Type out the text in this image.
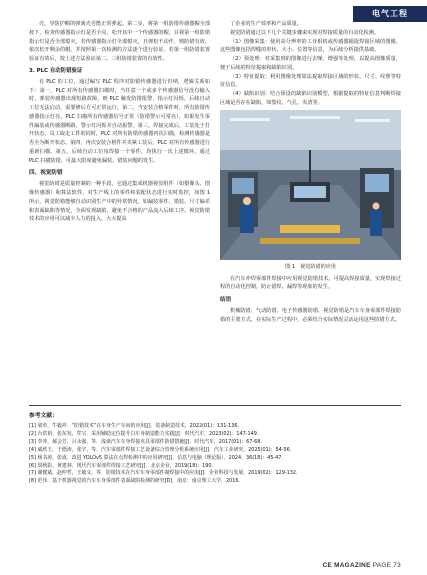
电气工程

壳，导防护帽的弹簧壳否能正常弹起。第二步，将第一组防错传感器帽全部按下，检查传感器指示灯是否全亮，松开其中一个传感器的帽，目视第一组防错指示灯是否全部熄灭，若传感器指示灯全部熄灭，且弹松不动作，则防错有效。依次松开剩余的帽，并按照第一次检测的方法逐个进行验证。若第一组防错装置验证有效后，按上述方法验证第二、三组防错装置的有效性。

3. PLC 自动防错验证

有 PLC 的工位，通过编写 PLC 程序对防错传感器进行归纳，逻辑关系如下：第一，PLC 对所有传感器扫描时，当任意一个或多个传感器信号没有输入时，弹装传感器出现短路故障，则 PLC 触发防错报警，指示灯闪烁，后续自动工位无法启动，需要修后方可正常运行。第二，当安装合格零件时，所有防错传感器指示灯亮，PLC 扫描所有传感器信号正常（防错警示可常亮），如果发生零件漏装或传感器断路，警示灯闪烁并自动报警。第三，焊接完成后，工装处于打开状态，员工取走工件的同时，PLC 对所有防错传感器再次扫描，检测传感器是否全为断开状态。第四，再次安装合格件并夹紧工装后，PLC 对所有传感器进行重新扫描。第五，后续自动工位每焊接一个零件，均执行一次上述循环。通过 PLC 扫描防错，可最大限度避免漏装、错装问题的发生。

四、视觉防错

视觉防错是质量控制的一种手段，它通过集成机器视觉组件（如摄像头、图像传感器）和算法软件，对生产线上的零件和装配状态进行实时监控，如图 1 所示。视觉防错能够自动识别生产中的异常情况，如漏装零件、错装、尺寸偏差和表面缺陷等情况，全面发现缺陷，避免不合格的产品流入后续工序。视觉防错技术的应用可以减少人力的投入，大大提高

了企业的生产效率和产品质量。

视觉防错通过以下几个关键步骤来实现对焊接质量的自动化检测。

（1）图像采集：使用高分辨率的工业相机或传感器捕捉焊接区域的图像，这些图像包括焊缝的形状、大小、位置等信息，为后续分析提供基础。

（2）预处理：对采集到的图像进行去噪、增强等处理，以提高图像质量，便于后续的特征提取和缺陷识别。

（3）特征提取：利用图像处理算法提取焊接区域的形状、尺寸、纹理等特征信息。

（4）缺陷识别：结合预设的缺陷识别模型，根据提取的特征信息判断焊接区域是否存在缺陷，如裂纹、气孔、夹渣等。

图 1　视觉防错的应用

在汽车冲焊零部件焊接中应用视觉防错技术，可提高焊接质量，实现焊接过程的自动化控制，防止错焊、漏焊等现象的发生。

结语

机械防错、气动防错、电子传感器防错、视觉防错是汽车车身零部件焊接防错的主要方式，在实际生产过程中，必须结合实际情况灵活运用这些防错方式。

参考文献：

[1] 梁草，牛毅祥．“防错技术”在车身生产车间的应用[J]．装备制造技术，2022(01)：131-136．

[2] 台洪裕，张东发，牟宝．采用辅助定位提升白车身制造能力实践[J]．时代汽车，2023(02)：147-149．

[3] 李冲，郝会芳，吕永强，等．浅谈汽车车身焊接夹具零部件防错措施[J]．时代汽车，2017(01)：67-68．

[4] 威欣玉，于德涛，张宇，等．汽车零部件焊接工艺设备综合管理分析系统应用[J]．汽车工业研究，2025(01)：54-56．

[5] 杨书涛，张成．改进 YOLOv5 算法在点焊检测中的应用研究[J]．信息与电脑（理论版），2024，36(18)：45-47．

[6] 周秋影，黄建林．现代汽车零部件焊接工艺研究[J]．北京企业，2019(18)：190．

[7] 谢健斌，赵仲哲，王敏义，等．防错技术在汽车车身零部件制焊接中的应用[J]．企业科技与发展，2019(02)：129-132．

[8] 范伟．基于机器视觉的汽车车身零部件表面缺陷检测的研究[D]．南京：南京理工大学，2016．

CE MAGAZINE PAGE 73
